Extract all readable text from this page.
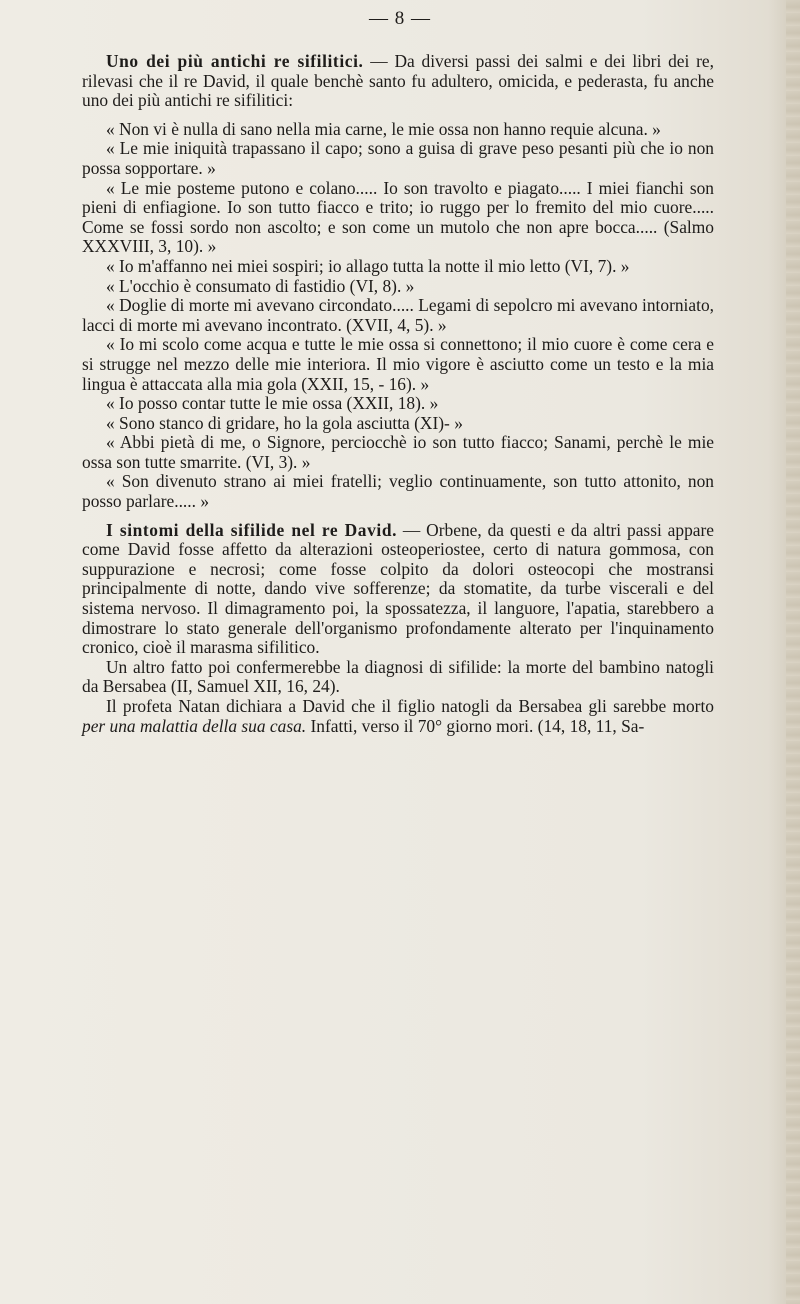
— 8 —

Uno dei più antichi re sifilitici. — Da diversi passi dei salmi e dei libri dei re, rilevasi che il re David, il quale benchè santo fu adultero, omicida, e pederasta, fu anche uno dei più antichi re sifilitici:

« Non vi è nulla di sano nella mia carne, le mie ossa non hanno requie alcuna. »

« Le mie iniquità trapassano il capo; sono a guisa di grave peso pesanti più che io non possa sopportare. »

« Le mie posteme putono e colano..... Io son travolto e piagato..... I miei fianchi son pieni di enfiagione. Io son tutto fiacco e trito; io ruggo per lo fremito del mio cuore..... Come se fossi sordo non ascolto; e son come un mutolo che non apre bocca..... (Salmo XXXVIII, 3, 10). »

« Io m'affanno nei miei sospiri; io allago tutta la notte il mio letto (VI, 7). »

« L'occhio è consumato di fastidio (VI, 8). »

« Doglie di morte mi avevano circondato..... Legami di sepolcro mi avevano intorniato, lacci di morte mi avevano incontrato. (XVII, 4, 5). »

« Io mi scolo come acqua e tutte le mie ossa si connettono; il mio cuore è come cera e si strugge nel mezzo delle mie interiora. Il mio vigore è asciutto come un testo e la mia lingua è attaccata alla mia gola (XXII, 15, - 16). »

« Io posso contar tutte le mie ossa (XXII, 18). »

« Sono stanco di gridare, ho la gola asciutta (XI)- »

« Abbi pietà di me, o Signore, perciocchè io son tutto fiacco; Sanami, perchè le mie ossa son tutte smarrite. (VI, 3). »

« Son divenuto strano ai miei fratelli; veglio continuamente, son tutto attonito, non posso parlare..... »

I sintomi della sifilide nel re David. — Orbene, da questi e da altri passi appare come David fosse affetto da alterazioni osteoperiostee, certo di natura gommosa, con suppurazione e necrosi; come fosse colpito da dolori osteocopi che mostransi principalmente di notte, dando vive sofferenze; da stomatite, da turbe viscerali e del sistema nervoso. Il dimagramento poi, la spossatezza, il languore, l'apatia, starebbero a dimostrare lo stato generale dell'organismo profondamente alterato per l'inquinamento cronico, cioè il marasma sifilitico.

Un altro fatto poi confermerebbe la diagnosi di sifilide: la morte del bambino natogli da Bersabea (II, Samuel XII, 16, 24).

Il profeta Natan dichiara a David che il figlio natogli da Bersabea gli sarebbe morto per una malattia della sua casa. Infatti, verso il 70° giorno mori. (14, 18, 11, Sa-
